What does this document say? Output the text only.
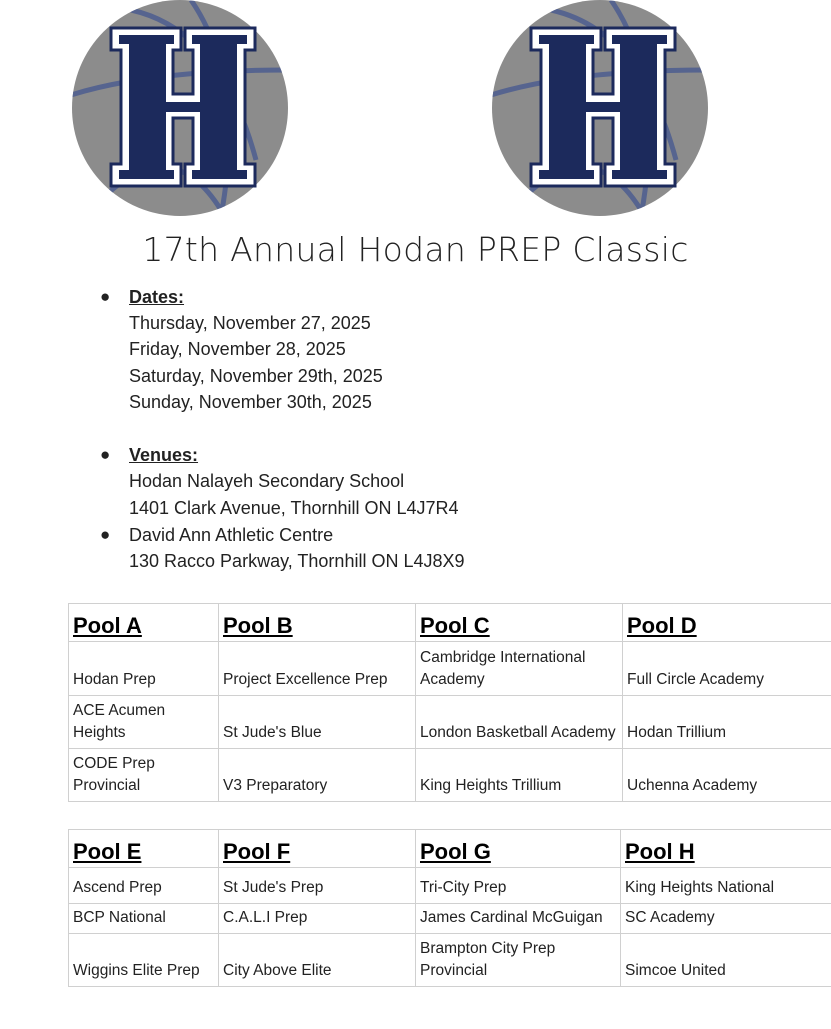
17th Annual Hodan PREP Classic
● Dates:
Thursday, November 27, 2025
Friday, November 28, 2025
Saturday, November 29th, 2025
Sunday, November 30th, 2025
● Venues:
Hodan Nalayeh Secondary School
1401 Clark Avenue, Thornhill ON L4J7R4
● David Ann Athletic Centre
130 Racco Parkway, Thornhill ON L4J8X9
Pool A	Pool B	Pool C	Pool D
Hodan Prep	Project Excellence Prep	Cambridge International Academy	Full Circle Academy
ACE Acumen Heights	St Jude's Blue	London Basketball Academy	Hodan Trillium
CODE Prep Provincial	V3 Preparatory	King Heights Trillium	Uchenna Academy
Pool E	Pool F	Pool G	Pool H
Ascend Prep	St Jude's Prep	Tri-City Prep	King Heights National
BCP National	C.A.L.I Prep	James Cardinal McGuigan	SC Academy
Wiggins Elite Prep	City Above Elite	Brampton City Prep Provincial	Simcoe United
